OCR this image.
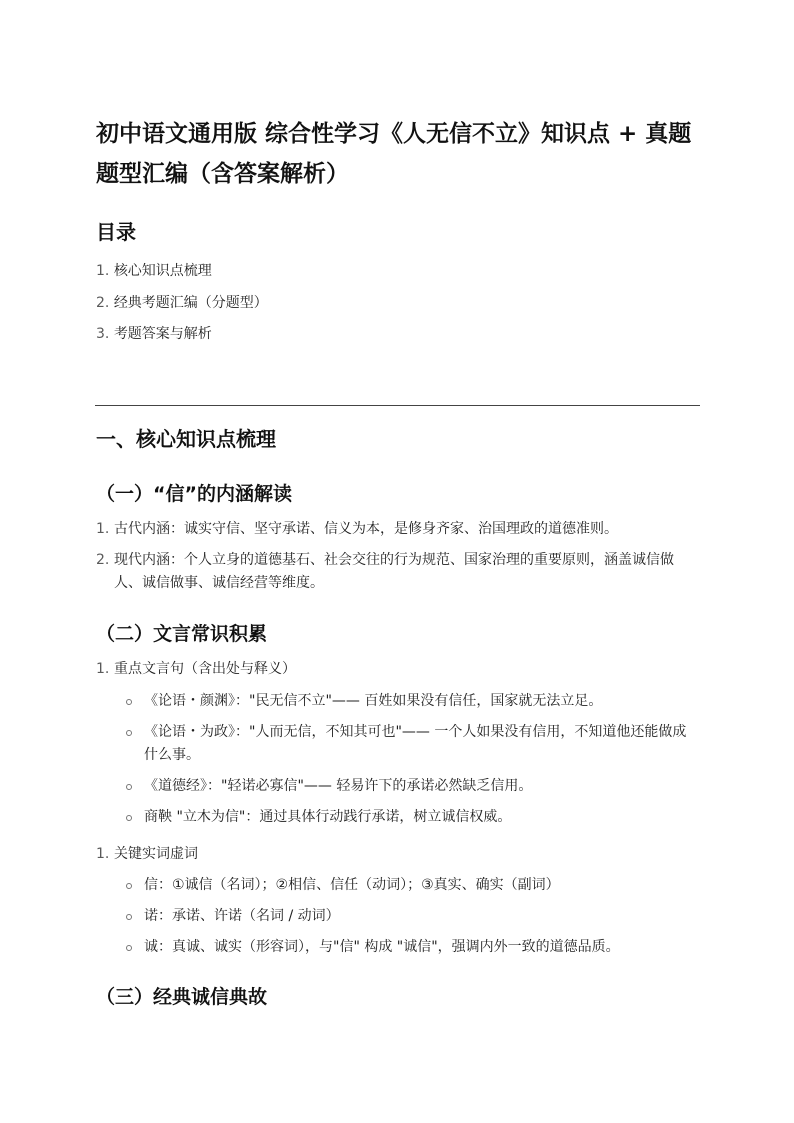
初中语文通用版 综合性学习《人无信不立》知识点 + 真题题型汇编（含答案解析）
目录
1. 核心知识点梳理
2. 经典考题汇编（分题型）
3. 考题答案与解析
一、核心知识点梳理
（一）“信”的内涵解读
1. 古代内涵：诚实守信、坚守承诺、信义为本，是修身齐家、治国理政的道德准则。
2. 现代内涵：个人立身的道德基石、社会交往的行为规范、国家治理的重要原则，涵盖诚信做人、诚信做事、诚信经营等维度。
（二）文言常识积累
1. 重点文言句（含出处与释义）
《论语・颜渊》："民无信不立"—— 百姓如果没有信任，国家就无法立足。
《论语・为政》："人而无信，不知其可也"—— 一个人如果没有信用，不知道他还能做成什么事。
《道德经》："轻诺必寡信"—— 轻易许下的承诺必然缺乏信用。
商鞅 "立木为信"：通过具体行动践行承诺，树立诚信权威。
1. 关键实词虚词
信：①诚信（名词）；②相信、信任（动词）；③真实、确实（副词）
诺：承诺、许诺（名词 / 动词）
诚：真诚、诚实（形容词），与"信" 构成 "诚信"，强调内外一致的道德品质。
（三）经典诚信典故
